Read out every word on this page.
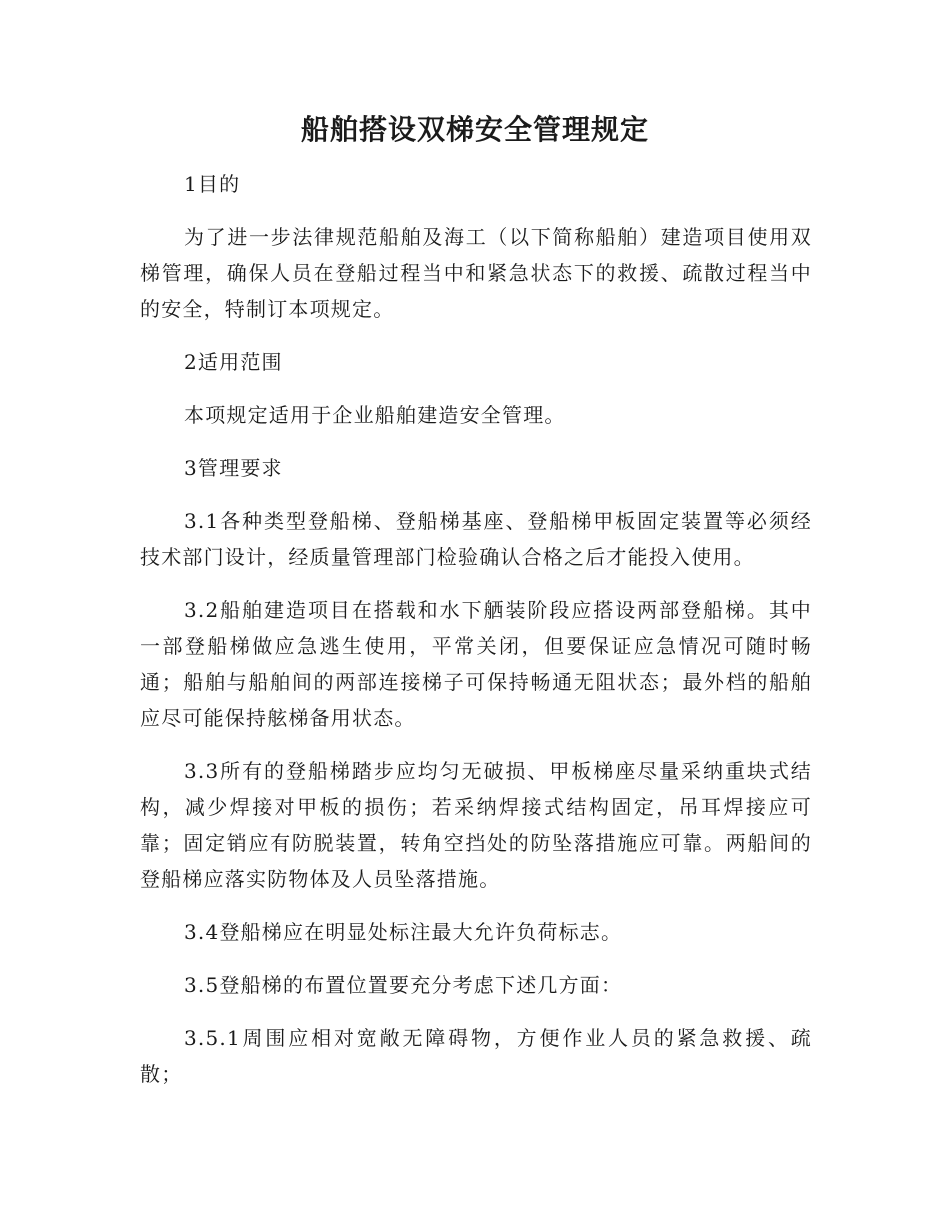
船舶搭设双梯安全管理规定

1目的

为了进一步法律规范船舶及海工（以下简称船舶）建造项目使用双梯管理，确保人员在登船过程当中和紧急状态下的救援、疏散过程当中的安全，特制订本项规定。

2适用范围

本项规定适用于企业船舶建造安全管理。

3管理要求

3.1各种类型登船梯、登船梯基座、登船梯甲板固定装置等必须经技术部门设计，经质量管理部门检验确认合格之后才能投入使用。

3.2船舶建造项目在搭载和水下舾装阶段应搭设两部登船梯。其中一部登船梯做应急逃生使用，平常关闭，但要保证应急情况可随时畅通；船舶与船舶间的两部连接梯子可保持畅通无阻状态；最外档的船舶应尽可能保持舷梯备用状态。

3.3所有的登船梯踏步应均匀无破损、甲板梯座尽量采纳重块式结构，减少焊接对甲板的损伤；若采纳焊接式结构固定，吊耳焊接应可靠；固定销应有防脱装置，转角空挡处的防坠落措施应可靠。两船间的登船梯应落实防物体及人员坠落措施。

3.4登船梯应在明显处标注最大允许负荷标志。

3.5登船梯的布置位置要充分考虑下述几方面：

3.5.1周围应相对宽敞无障碍物，方便作业人员的紧急救援、疏散；
